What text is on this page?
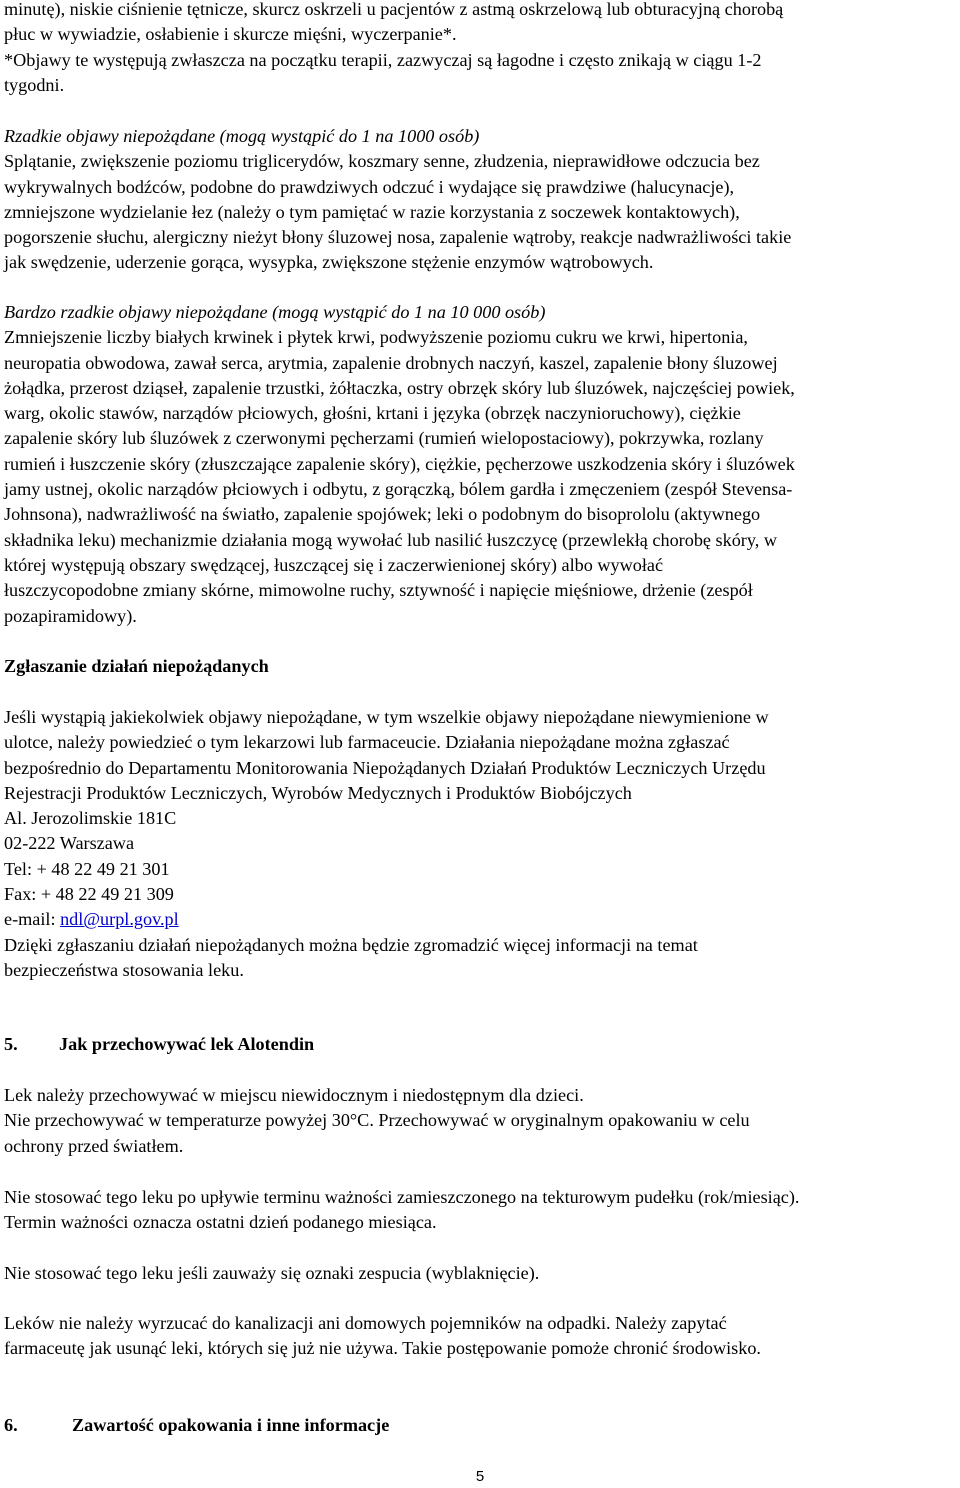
minutę), niskie ciśnienie tętnicze, skurcz oskrzeli u pacjentów z astmą oskrzelową lub obturacyjną chorobą

płuc w wywiadzie, osłabienie i skurcze mięśni, wyczerpanie*.

*Objawy te występują zwłaszcza na początku terapii, zazwyczaj są łagodne i często znikają w ciągu 1-2

tygodni.

Rzadkie objawy niepożądane (mogą wystąpić do 1 na 1000 osób)

Splątanie, zwiększenie poziomu triglicerydów, koszmary senne, złudzenia, nieprawidłowe odczucia bez

wykrywalnych bodźców, podobne do prawdziwych odczuć i wydające się prawdziwe (halucynacje),

zmniejszone wydzielanie łez (należy o tym pamiętać w razie korzystania z soczewek kontaktowych),

pogorszenie słuchu, alergiczny nieżyt błony śluzowej nosa, zapalenie wątroby, reakcje nadwrażliwości takie

jak swędzenie, uderzenie gorąca, wysypka, zwiększone stężenie enzymów wątrobowych.

Bardzo rzadkie objawy niepożądane (mogą wystąpić do 1 na 10 000 osób)

Zmniejszenie liczby białych krwinek i płytek krwi, podwyższenie poziomu cukru we krwi, hipertonia,

neuropatia obwodowa, zawał serca, arytmia, zapalenie drobnych naczyń, kaszel, zapalenie błony śluzowej

żołądka, przerost dziąseł, zapalenie trzustki, żółtaczka, ostry obrzęk skóry lub śluzówek, najczęściej powiek,

warg, okolic stawów, narządów płciowych, głośni, krtani i języka (obrzęk naczynioruchowy), ciężkie

zapalenie skóry lub śluzówek z czerwonymi pęcherzami (rumień wielopostaciowy), pokrzywka, rozlany

rumień i łuszczenie skóry (złuszczające zapalenie skóry), ciężkie, pęcherzowe uszkodzenia skóry i śluzówek

jamy ustnej, okolic narządów płciowych i odbytu, z gorączką, bólem gardła i zmęczeniem (zespół Stevensa-

Johnsona), nadwrażliwość na światło, zapalenie spojówek; leki o podobnym do bisoprololu (aktywnego

składnika leku) mechanizmie działania mogą wywołać lub nasilić łuszczycę (przewlekłą chorobę skóry, w

której występują obszary swędzącej, łuszczącej się i zaczerwienionej skóry) albo wywołać

łuszczycopodobne zmiany skórne, mimowolne ruchy, sztywność i napięcie mięśniowe, drżenie (zespół

pozapiramidowy).

Zgłaszanie działań niepożądanych

Jeśli wystąpią jakiekolwiek objawy niepożądane, w tym wszelkie objawy niepożądane niewymienione w

ulotce, należy powiedzieć o tym lekarzowi lub farmaceucie. Działania niepożądane można zgłaszać

bezpośrednio do Departamentu Monitorowania Niepożądanych Działań Produktów Leczniczych Urzędu

Rejestracji Produktów Leczniczych, Wyrobów Medycznych i Produktów Biobójczych

Al. Jerozolimskie 181C

02-222 Warszawa

Tel: + 48 22 49 21 301

Fax: + 48 22 49 21 309

e-mail: ndl@urpl.gov.pl

Dzięki zgłaszaniu działań niepożądanych można będzie zgromadzić więcej informacji na temat

bezpieczeństwa stosowania leku.

5. Jak przechowywać lek Alotendin

Lek należy przechowywać w miejscu niewidocznym i niedostępnym dla dzieci.

Nie przechowywać w temperaturze powyżej 30°C. Przechowywać w oryginalnym opakowaniu w celu

ochrony przed światłem.

Nie stosować tego leku po upływie terminu ważności zamieszczonego na tekturowym pudełku (rok/miesiąc).

Termin ważności oznacza ostatni dzień podanego miesiąca.

Nie stosować tego leku jeśli zauważy się oznaki zespucia (wyblaknięcie).

Leków nie należy wyrzucać do kanalizacji ani domowych pojemników na odpadki. Należy zapytać

farmaceutę jak usunąć leki, których się już nie używa. Takie postępowanie pomoże chronić środowisko.

6.	Zawartość opakowania i inne informacje

5
